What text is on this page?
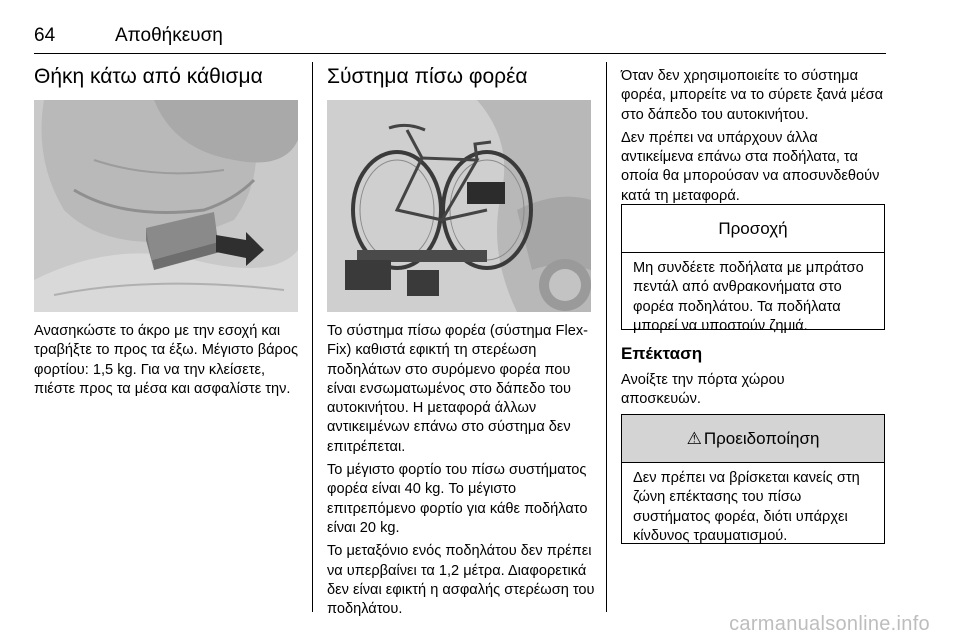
64	Αποθήκευση
Θήκη κάτω από κάθισμα
Ανασηκώστε το άκρο με την εσοχή και τραβήξτε το προς τα έξω. Μέγιστο βάρος φορτίου: 1,5 kg. Για να την κλείσετε, πιέστε προς τα μέσα και ασφαλίστε την.
Σύστημα πίσω φορέα

Το σύστημα πίσω φορέα (σύστημα Flex-Fix) καθιστά εφικτή τη στερέωση ποδηλάτων στο συρόμενο φορέα που είναι ενσωματωμένος στο δάπεδο του αυτοκινήτου. Η μεταφορά άλλων αντικειμένων επάνω στο σύστημα δεν επιτρέπεται.

Το μέγιστο φορτίο του πίσω συστήματος φορέα είναι 40 kg. Το μέγιστο επιτρεπόμενο φορτίο για κάθε ποδήλατο είναι 20 kg.

Το μεταξόνιο ενός ποδηλάτου δεν πρέπει να υπερβαίνει τα 1,2 μέτρα. Διαφορετικά δεν είναι εφικτή η ασφαλής στερέωση του ποδηλάτου.

Όταν δεν χρησιμοποιείτε το σύστημα φορέα, μπορείτε να το σύρετε ξανά μέσα στο δάπεδο του αυτοκινήτου.

Δεν πρέπει να υπάρχουν άλλα αντικείμενα επάνω στα ποδήλατα, τα οποία θα μπορούσαν να αποσυνδεθούν κατά τη μεταφορά.

Προσοχή
Μη συνδέετε ποδήλατα με μπράτσο πεντάλ από ανθρακονήματα στο φορέα ποδηλάτου. Τα ποδήλατα μπορεί να υποστούν ζημιά.
Επέκταση
Ανοίξτε την πόρτα χώρου αποσκευών.
⚠ Προειδοποίηση
Δεν πρέπει να βρίσκεται κανείς στη ζώνη επέκτασης του πίσω συστήματος φορέα, διότι υπάρχει κίνδυνος τραυματισμού.
carmanualsonline.info
